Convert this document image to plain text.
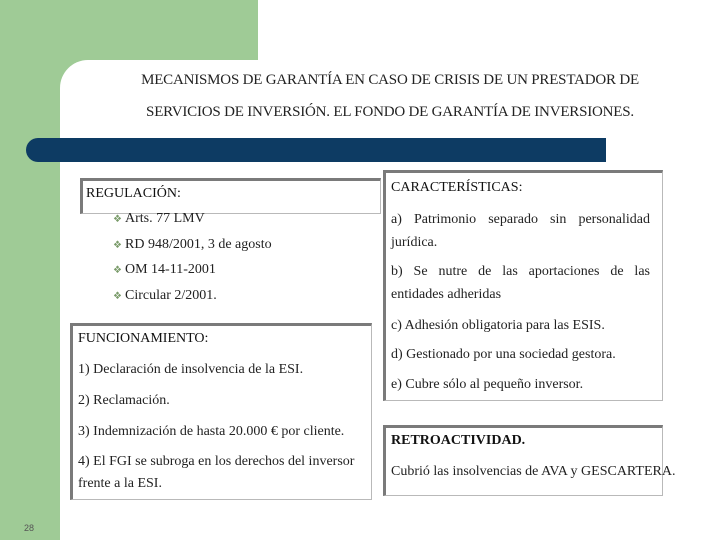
MECANISMOS DE GARANTÍA EN CASO DE CRISIS DE UN PRESTADOR DE
SERVICIOS DE INVERSIÓN. EL FONDO DE GARANTÍA DE INVERSIONES.
REGULACIÓN:
❖ Arts. 77 LMV
❖ RD 948/2001, 3 de agosto
❖ OM 14-11-2001
❖ Circular 2/2001.
FUNCIONAMIENTO:
1) Declaración de insolvencia de la ESI.
2) Reclamación.
3) Indemnización de hasta 20.000 € por cliente.
4) El FGI se subroga en los derechos del inversor
frente a la ESI.
CARACTERÍSTICAS:
a) Patrimonio separado sin personalidad
jurídica.
b) Se nutre de las aportaciones de las
entidades adheridas
c) Adhesión obligatoria para las ESIS.
d) Gestionado por una sociedad gestora.
e) Cubre sólo al pequeño inversor.
RETROACTIVIDAD.
Cubrió las insolvencias de AVA y GESCARTERA.
28
